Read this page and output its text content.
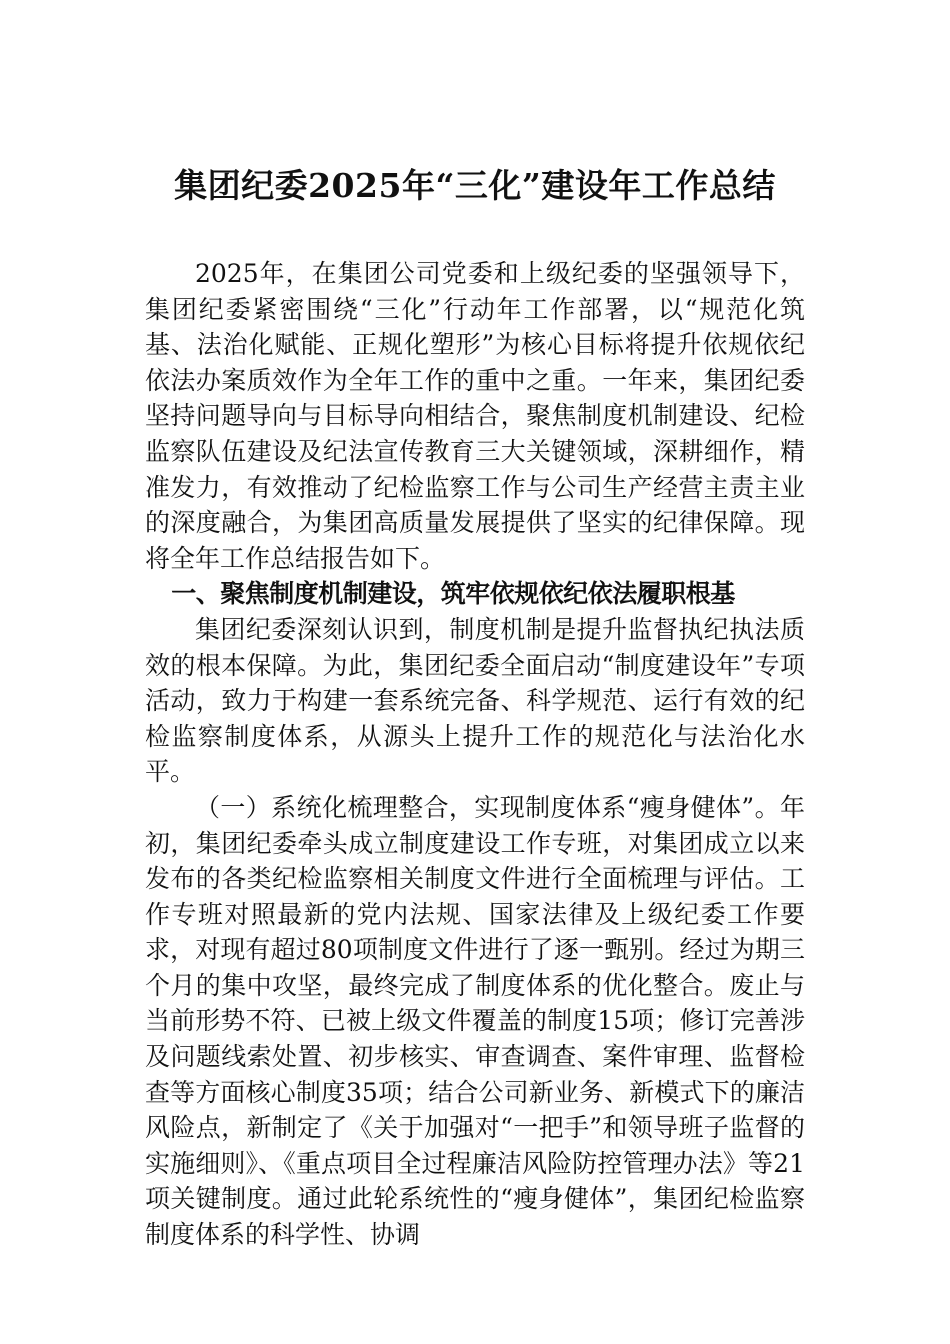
集团纪委2025年“三化”建设年工作总结

2025年，在集团公司党委和上级纪委的坚强领导下，集团纪委紧密围绕“三化”行动年工作部署，以“规范化筑基、法治化赋能、正规化塑形”为核心目标将提升依规依纪依法办案质效作为全年工作的重中之重。一年来，集团纪委坚持问题导向与目标导向相结合，聚焦制度机制建设、纪检监察队伍建设及纪法宣传教育三大关键领域，深耕细作，精准发力，有效推动了纪检监察工作与公司生产经营主责主业的深度融合，为集团高质量发展提供了坚实的纪律保障。现将全年工作总结报告如下。

一、聚焦制度机制建设，筑牢依规依纪依法履职根基

集团纪委深刻认识到，制度机制是提升监督执纪执法质效的根本保障。为此，集团纪委全面启动“制度建设年”专项活动，致力于构建一套系统完备、科学规范、运行有效的纪检监察制度体系，从源头上提升工作的规范化与法治化水平。

（一）系统化梳理整合，实现制度体系“瘦身健体”。年初，集团纪委牵头成立制度建设工作专班，对集团成立以来发布的各类纪检监察相关制度文件进行全面梳理与评估。工作专班对照最新的党内法规、国家法律及上级纪委工作要求，对现有超过80项制度文件进行了逐一甄别。经过为期三个月的集中攻坚，最终完成了制度体系的优化整合。废止与当前形势不符、已被上级文件覆盖的制度15项；修订完善涉及问题线索处置、初步核实、审查调查、案件审理、监督检查等方面核心制度35项；结合公司新业务、新模式下的廉洁风险点，新制定了《关于加强对“一把手”和领导班子监督的实施细则》、《重点项目全过程廉洁风险防控管理办法》等21项关键制度。通过此轮系统性的“瘦身健体”，集团纪检监察制度体系的科学性、协调
